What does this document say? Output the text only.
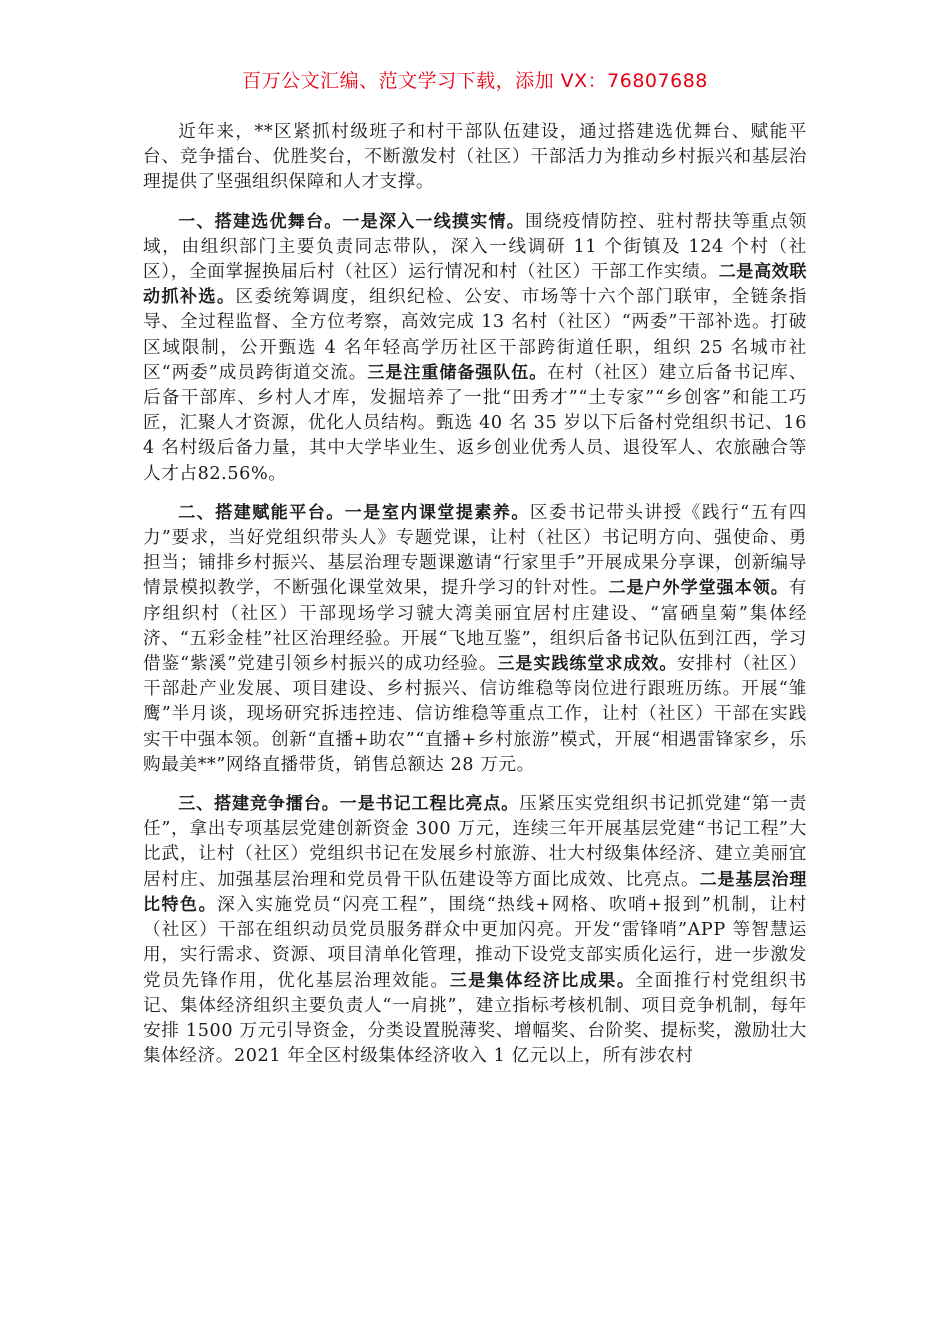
百万公文汇编、范文学习下载，添加 VX：76807688

近年来，**区紧抓村级班子和村干部队伍建设，通过搭建选优舞台、赋能平台、竞争擂台、优胜奖台，不断激发村（社区）干部活力为推动乡村振兴和基层治理提供了坚强组织保障和人才支撑。

一、搭建选优舞台。一是深入一线摸实情。围绕疫情防控、驻村帮扶等重点领域，由组织部门主要负责同志带队，深入一线调研 11 个街镇及 124 个村（社区），全面掌握换届后村（社区）运行情况和村（社区）干部工作实绩。二是高效联动抓补选。区委统筹调度，组织纪检、公安、市场等十六个部门联审，全链条指导、全过程监督、全方位考察，高效完成 13 名村（社区）“两委”干部补选。打破区域限制，公开甄选 4 名年轻高学历社区干部跨街道任职，组织 25 名城市社区“两委”成员跨街道交流。三是注重储备强队伍。在村（社区）建立后备书记库、后备干部库、乡村人才库，发掘培养了一批“田秀才”“土专家”“乡创客”和能工巧匠，汇聚人才资源，优化人员结构。甄选 40 名 35 岁以下后备村党组织书记、164 名村级后备力量，其中大学毕业生、返乡创业优秀人员、退役军人、农旅融合等人才占82.56%。

二、搭建赋能平台。一是室内课堂提素养。区委书记带头讲授《践行“五有四力”要求，当好党组织带头人》专题党课，让村（社区）书记明方向、强使命、勇担当；铺排乡村振兴、基层治理专题课邀请“行家里手”开展成果分享课，创新编导情景模拟教学，不断强化课堂效果，提升学习的针对性。二是户外学堂强本领。有序组织村（社区）干部现场学习虢大湾美丽宜居村庄建设、“富硒皇菊”集体经济、“五彩金桂”社区治理经验。开展“飞地互鉴”，组织后备书记队伍到江西，学习借鉴“紫溪”党建引领乡村振兴的成功经验。三是实践练堂求成效。安排村（社区）干部赴产业发展、项目建设、乡村振兴、信访维稳等岗位进行跟班历练。开展“雏鹰”半月谈，现场研究拆违控违、信访维稳等重点工作，让村（社区）干部在实践实干中强本领。创新“直播+助农”“直播+乡村旅游”模式，开展“相遇雷锋家乡，乐购最美**”网络直播带货，销售总额达 28 万元。

三、搭建竞争擂台。一是书记工程比亮点。压紧压实党组织书记抓党建“第一责任”，拿出专项基层党建创新资金 300 万元，连续三年开展基层党建“书记工程”大比武，让村（社区）党组织书记在发展乡村旅游、壮大村级集体经济、建立美丽宜居村庄、加强基层治理和党员骨干队伍建设等方面比成效、比亮点。二是基层治理比特色。深入实施党员“闪亮工程”，围绕“热线+网格、吹哨+报到”机制，让村（社区）干部在组织动员党员服务群众中更加闪亮。开发“雷锋哨”APP 等智慧运用，实行需求、资源、项目清单化管理，推动下设党支部实质化运行，进一步激发党员先锋作用，优化基层治理效能。三是集体经济比成果。全面推行村党组织书记、集体经济组织主要负责人“一肩挑”，建立指标考核机制、项目竞争机制，每年安排 1500 万元引导资金，分类设置脱薄奖、增幅奖、台阶奖、提标奖，激励壮大集体经济。2021 年全区村级集体经济收入 1 亿元以上，所有涉农村
